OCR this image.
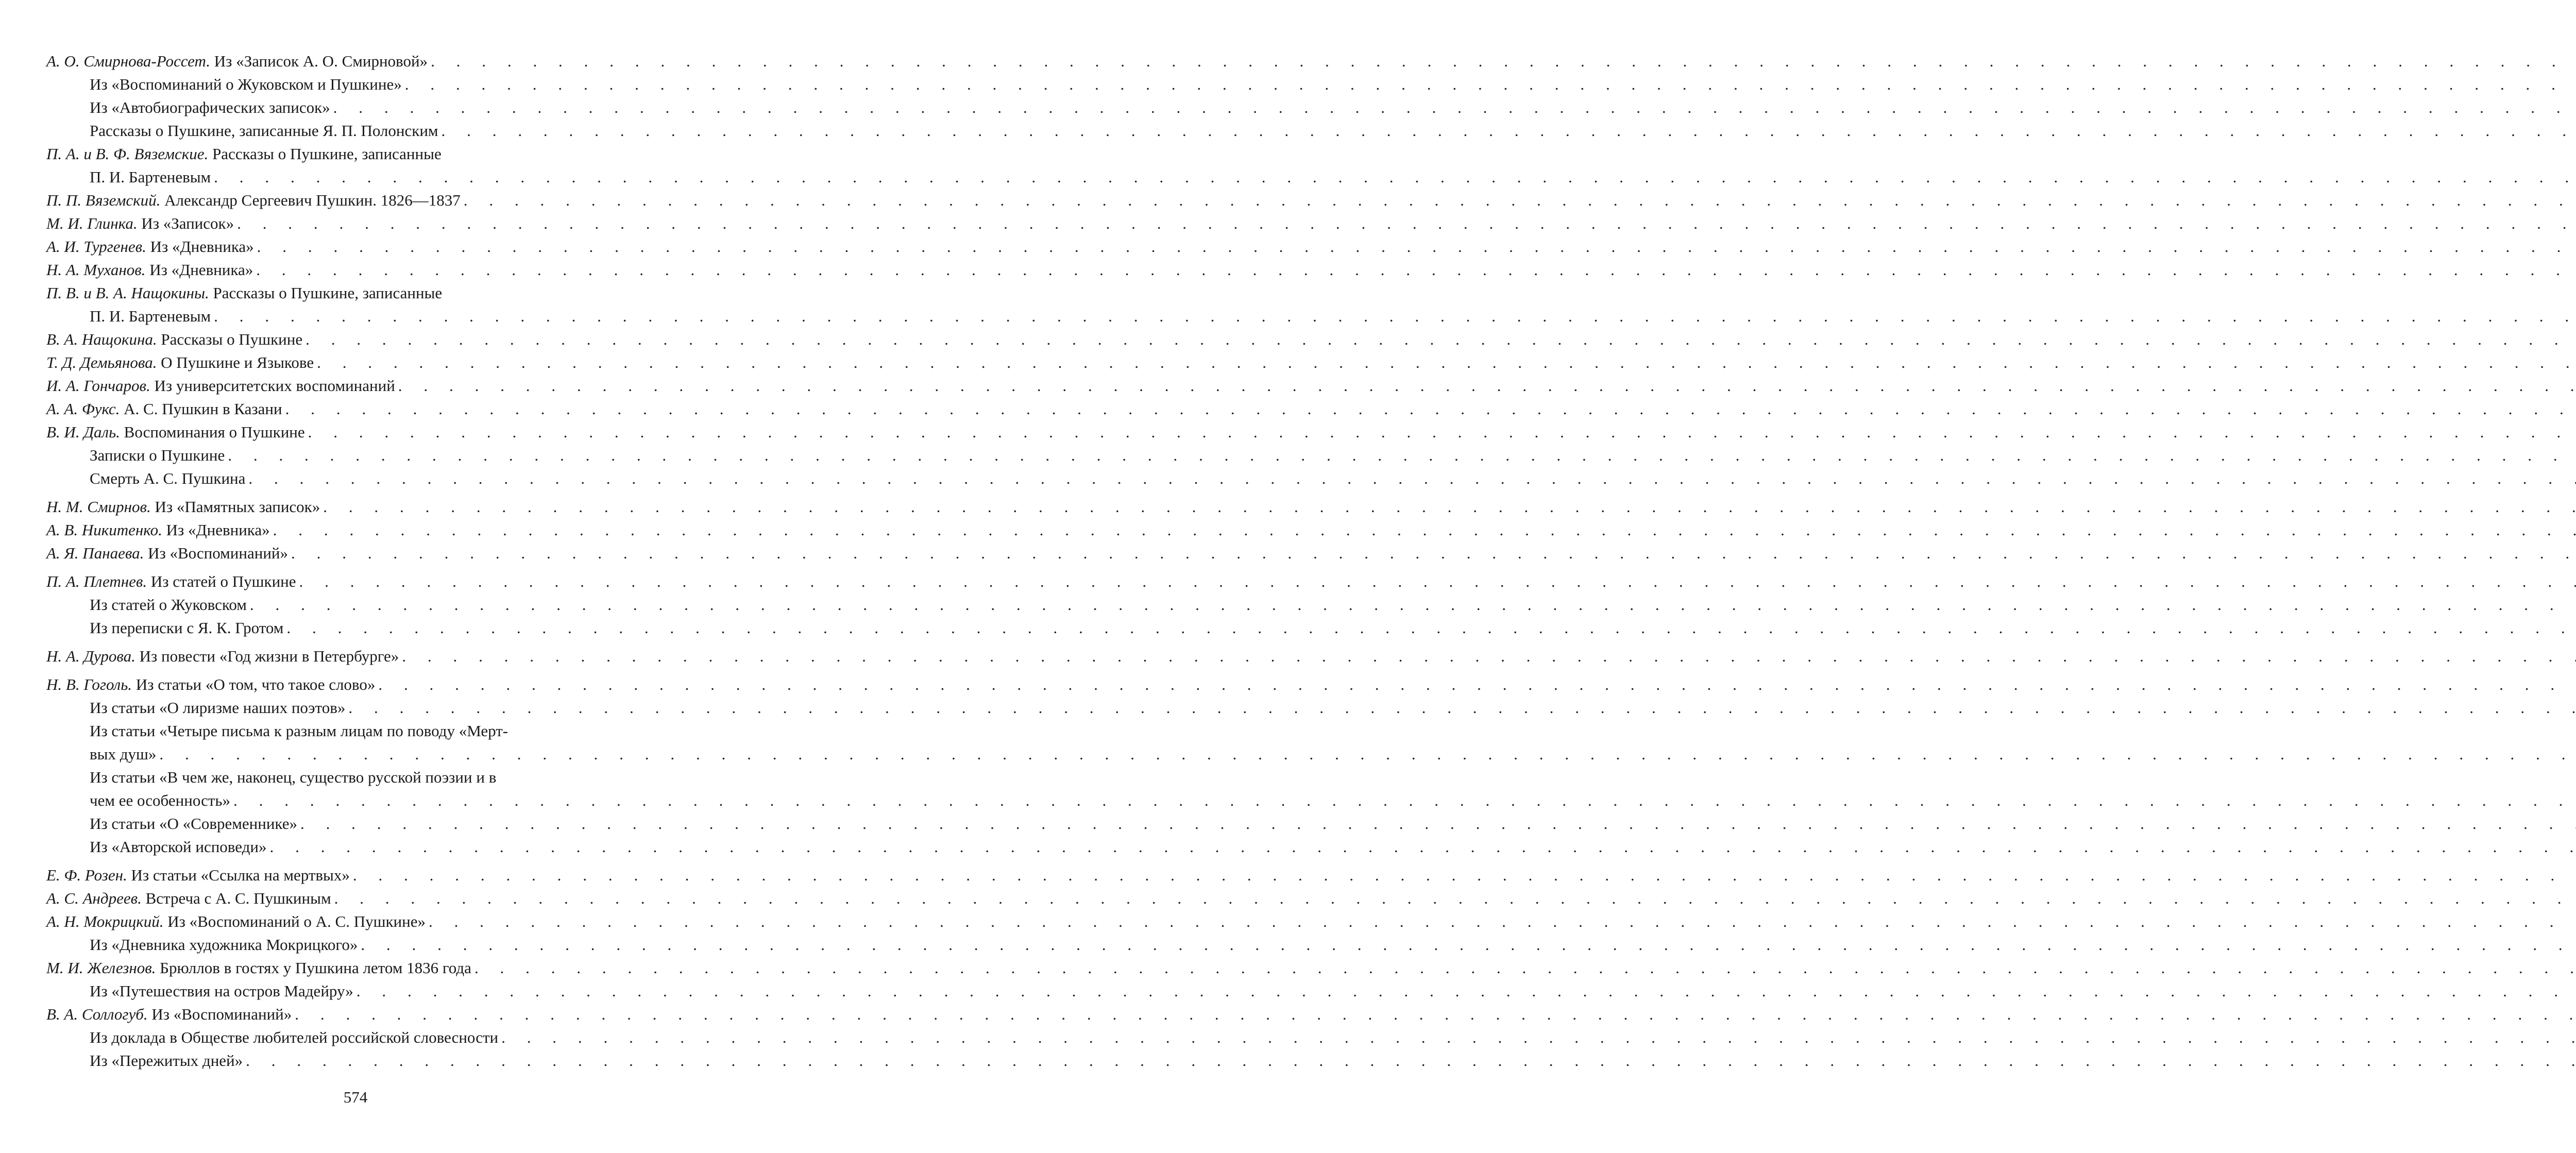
А. О. Смирнова-Россет. Из «Записок А. О. Смирновой»
. . .
Из «Воспоминаний о Жуковском и Пушкине»
. . .
Из «Автобиографических записок»
. . .
Рассказы о Пушкине, записанные Я. П. Полонским
. . .
П. А. и В. Ф. Вяземские. Рассказы о Пушкине, записанные
П. И. Бартеневым
. . .
П. П. Вяземский. Александр Сергеевич Пушкин. 1826—1837
. . .
М. И. Глинка. Из «Записок»
. . .
А. И. Тургенев. Из «Дневника»
. . .
Н. А. Муханов. Из «Дневника»
. . .
П. В. и В. А. Нащокины. Рассказы о Пушкине, записанные
П. И. Бартеневым
. . .
В. А. Нащокина. Рассказы о Пушкине
. . .
Т. Д. Демьянова. О Пушкине и Языкове
. . .
И. А. Гончаров. Из университетских воспоминаний
. . .
А. А. Фукс. А. С. Пушкин в Казани
. . .
В. И. Даль. Воспоминания о Пушкине
. . .
Записки о Пушкине
. . .
Смерть А. С. Пушкина
. . .
Н. М. Смирнов. Из «Памятных записок»
. . .
А. В. Никитенко. Из «Дневника»
. . .
А. Я. Панаева. Из «Воспоминаний»
. . .
П. А. Плетнев. Из статей о Пушкине
. . .
Из статей о Жуковском
. . .
Из переписки с Я. К. Гротом
. . .
Н. А. Дурова. Из повести «Год жизни в Петербурге»
. . .
Н. В. Гоголь. Из статьи «О том, что такое слово»
. . .
Из статьи «О лиризме наших поэтов»
. . .
Из статьи «Четыре письма к разным лицам по поводу «Мерт-
вых душ»
. . .
Из статьи «В чем же, наконец, существо русской поэзии и в
чем ее особенность»
. . .
Из статьи «О «Современнике»
. . .
Из «Авторской исповеди»
. . .
Е. Ф. Розен. Из статьи «Ссылка на мертвых»
. . .
А. С. Андреев. Встреча с А. С. Пушкиным
. . .
А. Н. Мокрицкий. Из «Воспоминаний о А. С. Пушкине»
. . .
Из «Дневника художника Мокрицкого»
. . .
М. И. Железнов. Брюллов в гостях у Пушкина летом 1836 года
. . .
Из «Путешествия на остров Мадейру»
. . .
В. А. Соллогуб. Из «Воспоминаний»
. . .
Из доклада в Обществе любителей российской словесности
. . .
Из «Пережитых дней»
. . .
574
